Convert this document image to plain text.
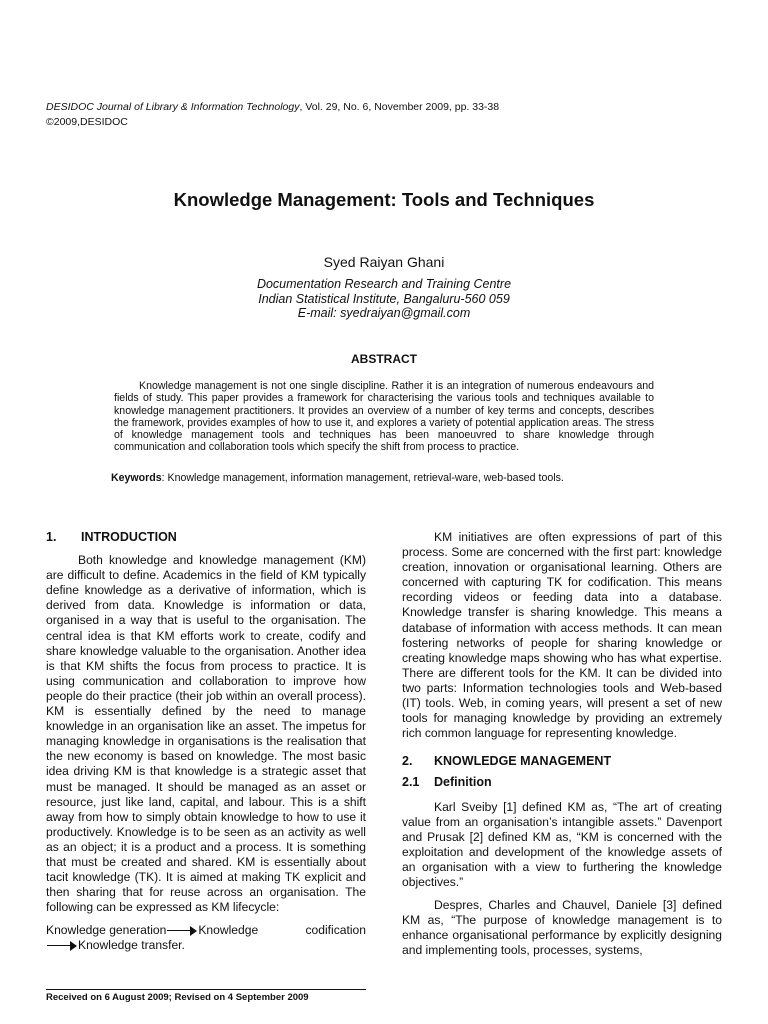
DESIDOC Journal of Library & Information Technology, Vol. 29, No. 6, November 2009, pp. 33-38
©2009,DESIDOC
Knowledge Management: Tools and Techniques
Syed Raiyan Ghani
Documentation Research and Training Centre
Indian Statistical Institute, Bangaluru-560 059
E-mail: syedraiyan@gmail.com
ABSTRACT
Knowledge management is not one single discipline. Rather it is an integration of numerous endeavours and fields of study. This paper provides a framework for characterising the various tools and techniques available to knowledge management practitioners. It provides an overview of a number of key terms and concepts, describes the framework, provides examples of how to use it, and explores a variety of potential application areas. The stress of knowledge management tools and techniques has been manoeuvred to share knowledge through communication and collaboration tools which specify the shift from process to practice.
Keywords: Knowledge management, information management, retrieval-ware, web-based tools.
1. INTRODUCTION

Both knowledge and knowledge management (KM) are difficult to define. Academics in the field of KM typically define knowledge as a derivative of information, which is derived from data. Knowledge is information or data, organised in a way that is useful to the organisation. The central idea is that KM efforts work to create, codify and share knowledge valuable to the organisation. Another idea is that KM shifts the focus from process to practice. It is using communication and collaboration to improve how people do their practice (their job within an overall process). KM is essentially defined by the need to manage knowledge in an organisation like an asset. The impetus for managing knowledge in organisations is the realisation that the new economy is based on knowledge. The most basic idea driving KM is that knowledge is a strategic asset that must be managed. It should be managed as an asset or resource, just like land, capital, and labour. This is a shift away from how to simply obtain knowledge to how to use it productively. Knowledge is to be seen as an activity as well as an object; it is a product and a process. It is something that must be created and shared. KM is essentially about tacit knowledge (TK). It is aimed at making TK explicit and then sharing that for reuse across an organisation. The following can be expressed as KM lifecycle:

Knowledge generation	Knowledge	codification
Knowledge transfer.

KM initiatives are often expressions of part of this process. Some are concerned with the first part: knowledge creation, innovation or organisational learning. Others are concerned with capturing TK for codification. This means recording videos or feeding data into a database. Knowledge transfer is sharing knowledge. This means a database of information with access methods. It can mean fostering networks of people for sharing knowledge or creating knowledge maps showing who has what expertise. There are different tools for the KM. It can be divided into two parts: Information technologies tools and Web-based (IT) tools. Web, in coming years, will present a set of new tools for managing knowledge by providing an extremely rich common language for representing knowledge.

2. KNOWLEDGE MANAGEMENT
2.1 Definition

Karl Sveiby [1] defined KM as, “The art of creating value from an organisation’s intangible assets.” Davenport and Prusak [2] defined KM as, “KM is concerned with the exploitation and development of the knowledge assets of an organisation with a view to furthering the knowledge objectives.”

Despres, Charles and Chauvel, Daniele [3] defined KM as, “The purpose of knowledge management is to enhance organisational performance by explicitly designing and implementing tools, processes, systems,

Received on 6 August 2009; Revised on 4 September 2009
